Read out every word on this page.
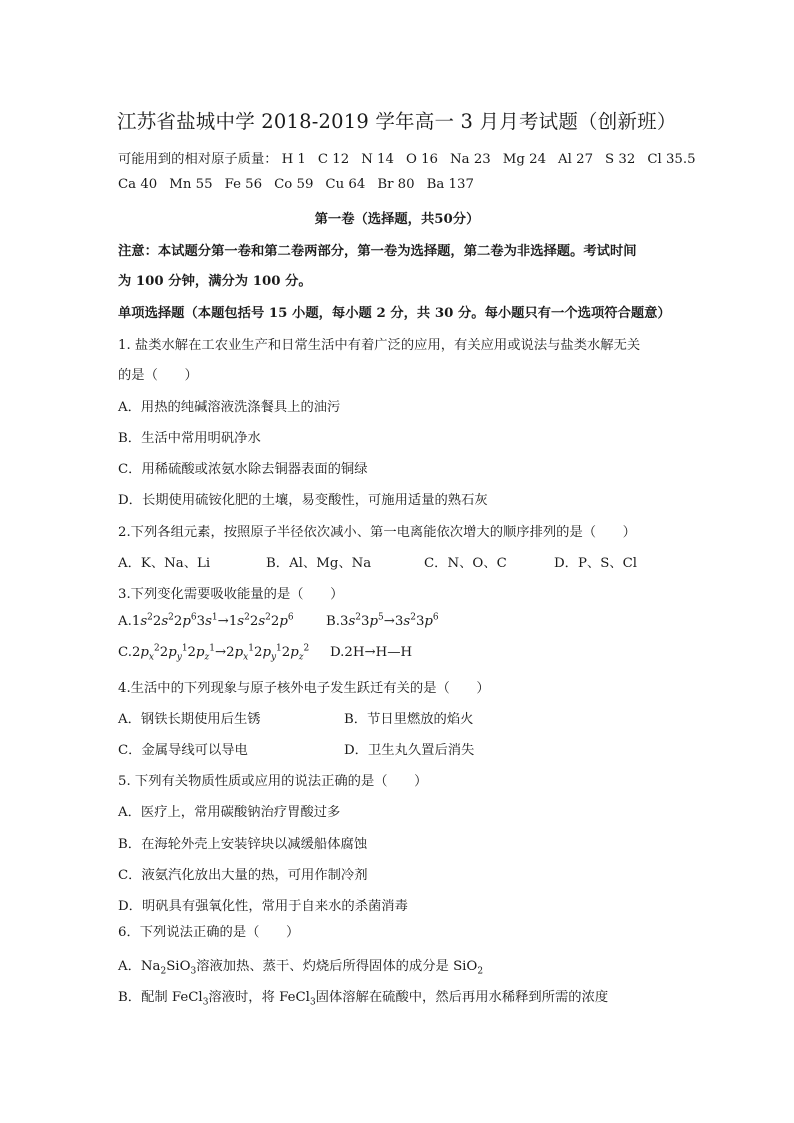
江苏省盐城中学 2018-2019 学年高一 3 月月考试题（创新班）
可能用到的相对原子质量： H 1 C 12 N 14 O 16 Na 23 Mg 24 Al 27 S 32 Cl 35.5
Ca 40 Mn 55 Fe 56 Co 59 Cu 64 Br 80 Ba 137
第一卷（选择题，共50分）
注意：本试题分第一卷和第二卷两部分，第一卷为选择题，第二卷为非选择题。考试时间
为 100 分钟，满分为 100 分。
单项选择题（本题包括号 15 小题，每小题 2 分，共 30 分。每小题只有一个选项符合题意）
1. 盐类水解在工农业生产和日常生活中有着广泛的应用，有关应用或说法与盐类水解无关
的是（　　）
A．用热的纯碱溶液洗涤餐具上的油污
B．生活中常用明矾净水
C．用稀硫酸或浓氨水除去铜器表面的铜绿
D．长期使用硫铵化肥的土壤，易变酸性，可施用适量的熟石灰
2.下列各组元素，按照原子半径依次减小、第一电离能依次增大的顺序排列的是（　　）
A．K、Na、Li	B．Al、Mg、Na	C．N、O、C	D．P、S、Cl
3.下列变化需要吸收能量的是（　　）
$A.1s^22s^22p^63s^1\to 1s^22s^22p^6$ $B.3s^23p^5\to 3s^23p^6$
$C.2p_x^22p_y^12p_z^1\to 2p_x^12p_y^12p_z^2$ D.2H→H—H
4.生活中的下列现象与原子核外电子发生跃迁有关的是（　　）
A．钢铁长期使用后生锈	B．节日里燃放的焰火
C．金属导线可以导电	D．卫生丸久置后消失
5. 下列有关物质性质或应用的说法正确的是（　　）
A．医疗上，常用碳酸钠治疗胃酸过多
B．在海轮外壳上安装锌块以减缓船体腐蚀
C．液氨汽化放出大量的热，可用作制冷剂
D．明矾具有强氧化性，常用于自来水的杀菌消毒
6．下列说法正确的是（　　）
A．$Na_2SiO_3$溶液加热、蒸干、灼烧后所得固体的成分是 SiO$_2$
B．配制 FeCl$_3$溶液时，将 FeCl$_3$固体溶解在硫酸中，然后再用水稀释到所需的浓度
